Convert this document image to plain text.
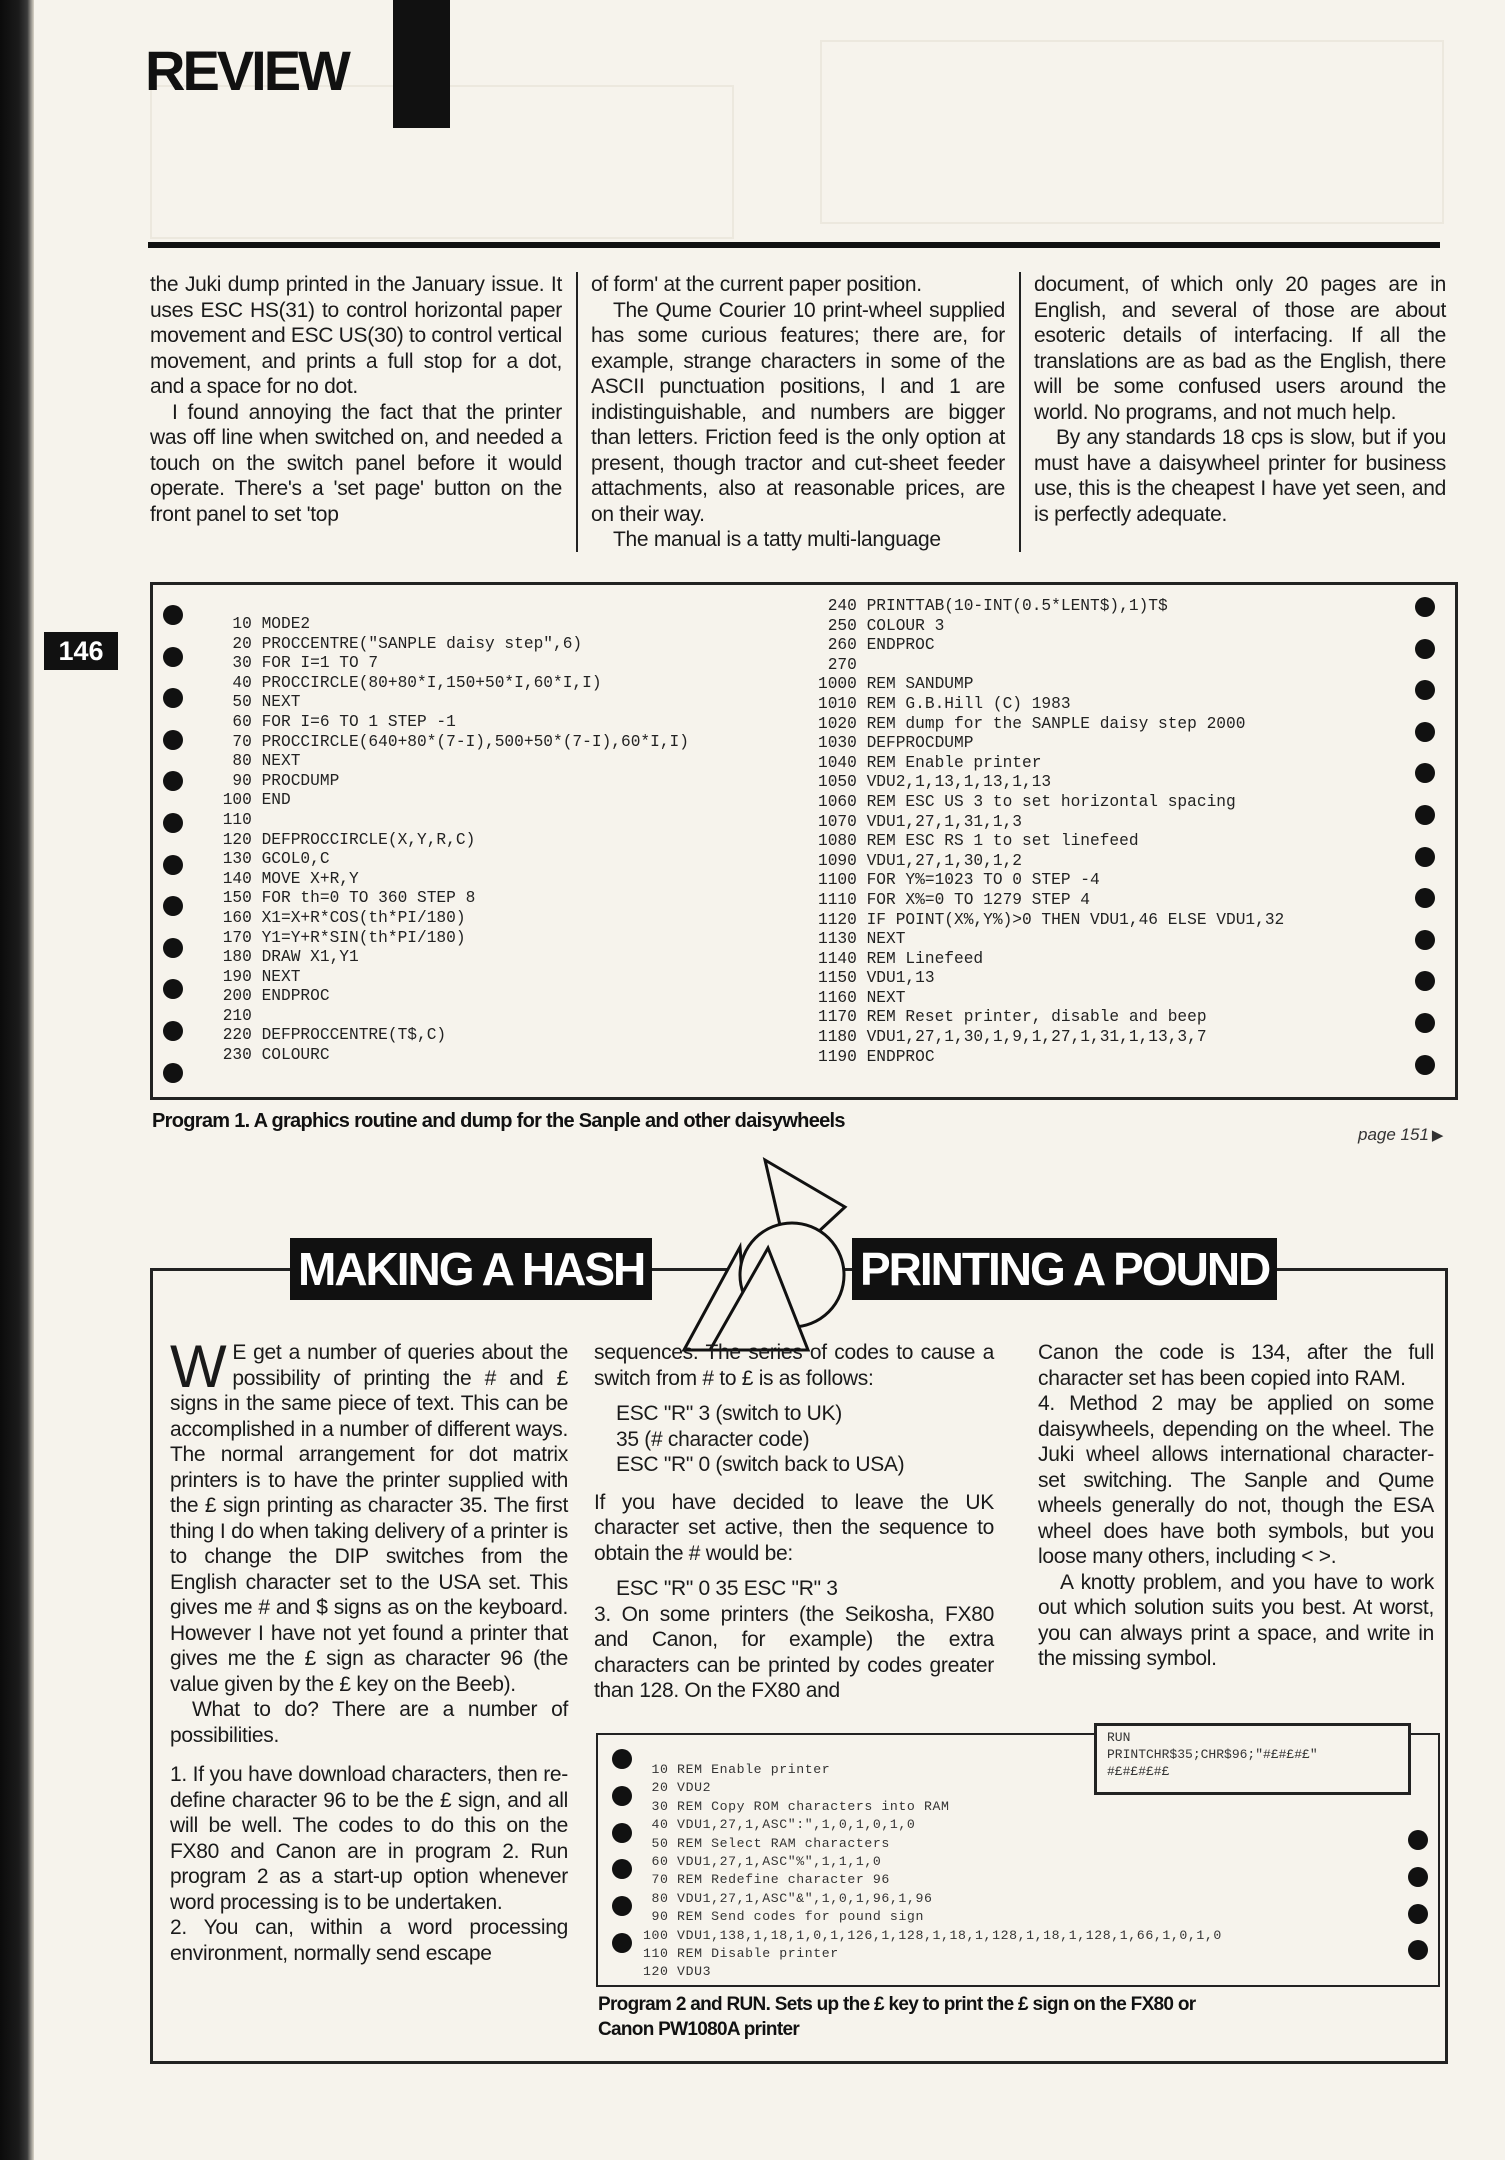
REVIEW
146

the Juki dump printed in the January issue. It uses ESC HS(31) to control horizontal paper movement and ESC US(30) to control vertical movement, and prints a full stop for a dot, and a space for no dot.

I found annoying the fact that the printer was off line when switched on, and needed a touch on the switch panel before it would operate. There's a 'set page' button on the front panel to set 'top

of form' at the current paper position.

The Qume Courier 10 print-wheel supplied has some curious features; there are, for example, strange characters in some of the ASCII punctuation positions, l and 1 are indistinguishable, and numbers are bigger than letters. Friction feed is the only option at present, though tractor and cut-sheet feeder attachments, also at reasonable prices, are on their way.

The manual is a tatty multi-language

document, of which only 20 pages are in English, and several of those are about esoteric details of interfacing. If all the translations are as bad as the English, there will be some confused users around the world. No programs, and not much help.

By any standards 18 cps is slow, but if you must have a daisywheel printer for business use, this is the cheapest I have yet seen, and is perfectly adequate.

10 MODE2
20 PROCCENTRE("SANPLE daisy step",6)
30 FOR I=1 TO 7
40 PROCCIRCLE(80+80*I,150+50*I,60*I,I)
50 NEXT
60 FOR I=6 TO 1 STEP -1
70 PROCCIRCLE(640+80*(7-I),500+50*(7-I),60*I,I)
80 NEXT
90 PROCDUMP
100 END
110
120 DEFPROCCIRCLE(X,Y,R,C)
130 GCOL0,C
140 MOVE X+R,Y
150 FOR th=0 TO 360 STEP 8
160 X1=X+R*COS(th*PI/180)
170 Y1=Y+R*SIN(th*PI/180)
180 DRAW X1,Y1
190 NEXT
200 ENDPROC
210
220 DEFPROCCENTRE(T$,C)
230 COLOURC
240 PRINTTAB(10-INT(0.5*LENT$),1)T$
250 COLOUR 3
260 ENDPROC
270
1000 REM SANDUMP
1010 REM G.B.Hill (C) 1983
1020 REM dump for the SANPLE daisy step 2000
1030 DEFPROCDUMP
1040 REM Enable printer
1050 VDU2,1,13,1,13,1,13
1060 REM ESC US 3 to set horizontal spacing
1070 VDU1,27,1,31,1,3
1080 REM ESC RS 1 to set linefeed
1090 VDU1,27,1,30,1,2
1100 FOR Y%=1023 TO 0 STEP -4
1110 FOR X%=0 TO 1279 STEP 4
1120 IF POINT(X%,Y%)>0 THEN VDU1,46 ELSE VDU1,32
1130 NEXT
1140 REM Linefeed
1150 VDU1,13
1160 NEXT
1170 REM Reset printer, disable and beep
1180 VDU1,27,1,30,1,9,1,27,1,31,1,13,3,7
1190 ENDPROC
Program 1. A graphics routine and dump for the Sanple and other daisywheels
page 151 ▶
MAKING A HASH	PRINTING A POUND

W E get a number of queries about the possibility of printing the # and £ signs in the same piece of text. This can be accomplished in a number of different ways. The normal arrangement for dot matrix printers is to have the printer supplied with the £ sign printing as character 35. The first thing I do when taking delivery of a printer is to change the DIP switches from the English character set to the USA set. This gives me # and $ signs as on the keyboard. However I have not yet found a printer that gives me the £ sign as character 96 (the value given by the £ key on the Beeb).

What to do? There are a number of possibilities.

1. If you have download characters, then re-define character 96 to be the £ sign, and all will be well. The codes to do this on the FX80 and Canon are in program 2. Run program 2 as a start-up option whenever word processing is to be undertaken.

2. You can, within a word processing environment, normally send escape

sequences. The series of codes to cause a switch from # to £ is as follows:

ESC "R" 3 (switch to UK)

35 (# character code)

ESC "R" 0 (switch back to USA)

If you have decided to leave the UK character set active, then the sequence to obtain the # would be:

ESC "R" 0 35 ESC "R" 3

3. On some printers (the Seikosha, FX80 and Canon, for example) the extra characters can be printed by codes greater than 128. On the FX80 and

Canon the code is 134, after the full character set has been copied into RAM.

4. Method 2 may be applied on some daisywheels, depending on the wheel. The Juki wheel allows international character-set switching. The Sanple and Qume wheels generally do not, though the ESA wheel does have both symbols, but you loose many others, including < >.

A knotty problem, and you have to work out which solution suits you best. At worst, you can always print a space, and write in the missing symbol.

10 REM Enable printer
20 VDU2
30 REM Copy ROM characters into RAM
40 VDU1,27,1,ASC":",1,0,1,0,1,0
50 REM Select RAM characters
60 VDU1,27,1,ASC"%",1,1,1,0
70 REM Redefine character 96
80 VDU1,27,1,ASC"&",1,0,1,96,1,96
90 REM Send codes for pound sign
100 VDU1,138,1,18,1,0,1,126,1,128,1,18,1,128,1,18,1,128,1,66,1,0,1,0
110 REM Disable printer
120 VDU3
RUN
PRINTCHR$35;CHR$96;"#£#£#£"
#£#£#£#£
Program 2 and RUN. Sets up the £ key to print the £ sign on the FX80 or
Canon PW1080A printer
